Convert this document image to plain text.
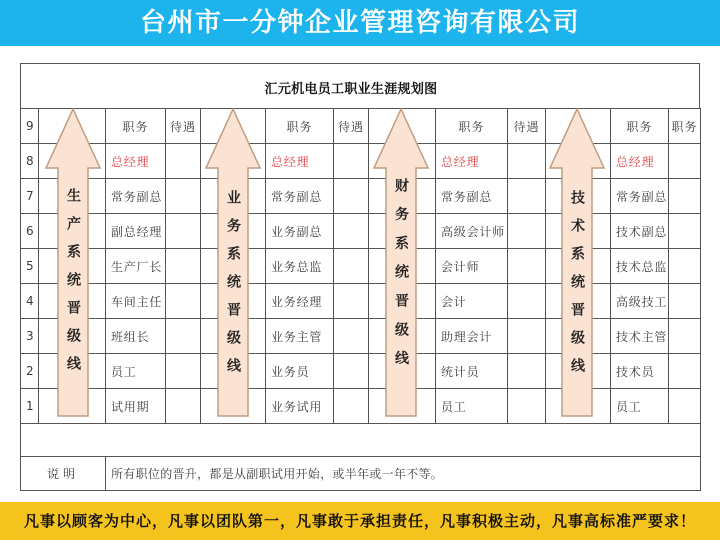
台州市一分钟企业管理咨询有限公司
汇元机电员工职业生涯规划图
9		职务	待遇		职务	待遇		职务	待遇		职务	职务
8		总经理			总经理			总经理			总经理	
7		常务副总			常务副总			常务副总			常务副总	
6		副总经理			业务副总			高级会计师			技术副总	
5		生产厂长			业务总监			会计师			技术总监	
4		车间主任			业务经理			会计			高级技工	
3		班组长			业务主管			助理会计			技术主管	
2		员工			业务员			统计员			技术员	
1		试用期			业务试用			员工			员工	

说明		所有职位的晋升，都是从副职试用开始，或半年或一年不等。										
生产系统晋级线	业务系统晋级线	财务系统晋级线	技术系统晋级线
凡事以顾客为中心，凡事以团队第一，凡事敢于承担责任，凡事积极主动，凡事高标准严要求！
